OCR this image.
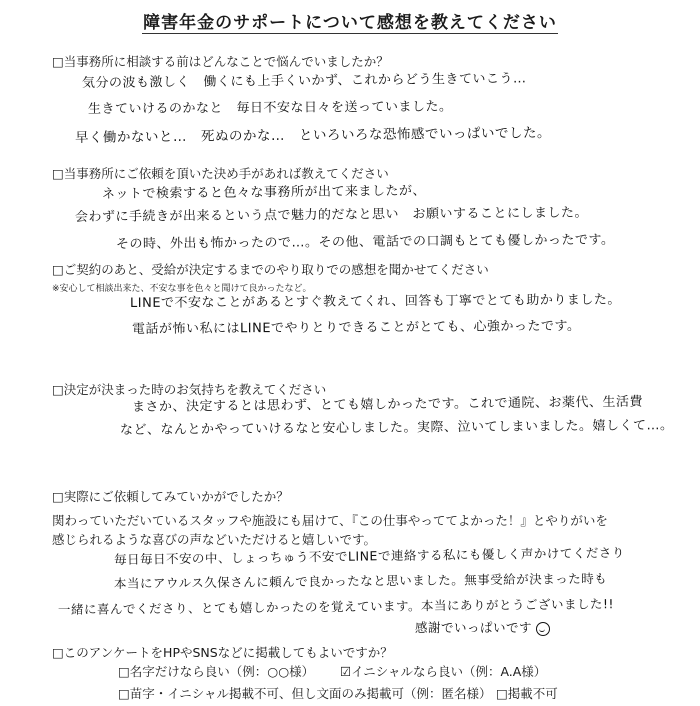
障害年金のサポートについて感想を教えてください
□当事務所に相談する前はどんなことで悩んでいましたか？
気分の波も激しく　働くにも上手くいかず、これからどう生きていこう…
生きていけるのかなと　毎日不安な日々を送っていました。
早く働かないと…　死ぬのかな…　といろいろな恐怖感でいっぱいでした。
□当事務所にご依頼を頂いた決め手があれば教えてください
ネットで検索すると色々な事務所が出て来ましたが、
会わずに手続きが出来るという点で魅力的だなと思い　お願いすることにしました。
その時、外出も怖かったので…。その他、電話での口調もとても優しかったです。
□ご契約のあと、受給が決定するまでのやり取りでの感想を聞かせてください
※安心して相談出来た、不安な事を色々と聞けて良かったなど。
LINEで不安なことがあるとすぐ教えてくれ、回答も丁寧でとても助かりました。
電話が怖い私にはLINEでやりとりできることがとても、心強かったです。
□決定が決まった時のお気持ちを教えてください
まさか、決定するとは思わず、とても嬉しかったです。これで通院、お薬代、生活費
など、なんとかやっていけるなと安心しました。実際、泣いてしまいました。嬉しくて…。
□実際にご依頼してみていかがでしたか？
関わっていただいているスタッフや施設にも届けて、『この仕事やっててよかった！』とやりがいを
感じられるような喜びの声などいただけると嬉しいです。
毎日毎日不安の中、しょっちゅう不安でLINEで連絡する私にも優しく声かけてくださり
本当にアウルス久保さんに頼んで良かったなと思いました。無事受給が決まった時も
一緒に喜んでくださり、とても嬉しかったのを覚えています。本当にありがとうございました!!
感謝でいっぱいです
□このアンケートをHPやSNSなどに掲載してもよいですか？
□名字だけなら良い（例：○○様） ☑イニシャルなら良い（例：A.A様）
□苗字・イニシャル掲載不可、但し文面のみ掲載可（例：匿名様） □掲載不可
